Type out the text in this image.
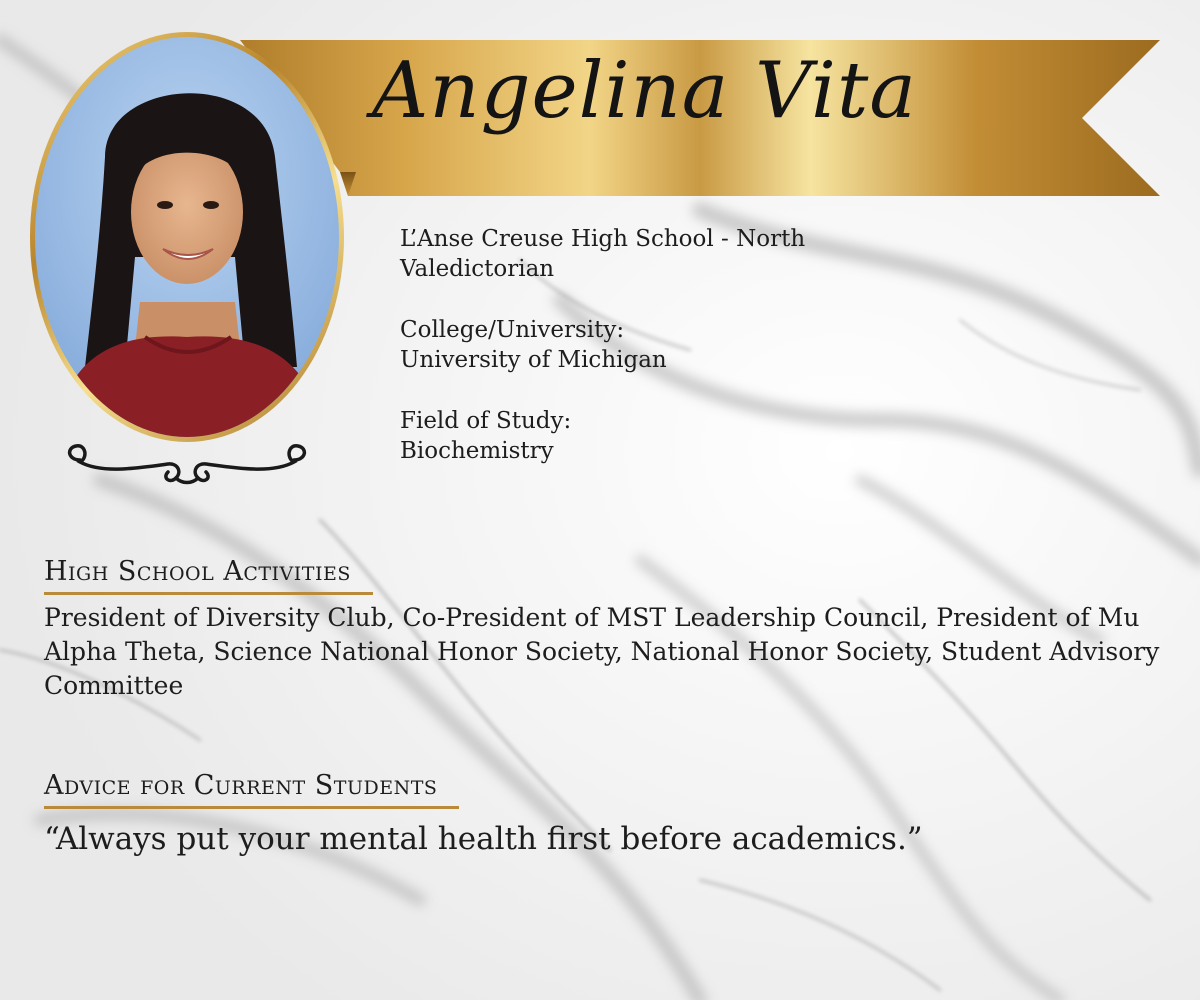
Angelina Vita
L’Anse Creuse High School - North
Valedictorian
College/University:
University of Michigan
Field of Study:
Biochemistry
High School Activities
President of Diversity Club, Co-President of MST Leadership Council, President of Mu Alpha Theta, Science National Honor Society, National Honor Society, Student Advisory Committee
Advice for Current Students
“Always put your mental health first before academics.”
